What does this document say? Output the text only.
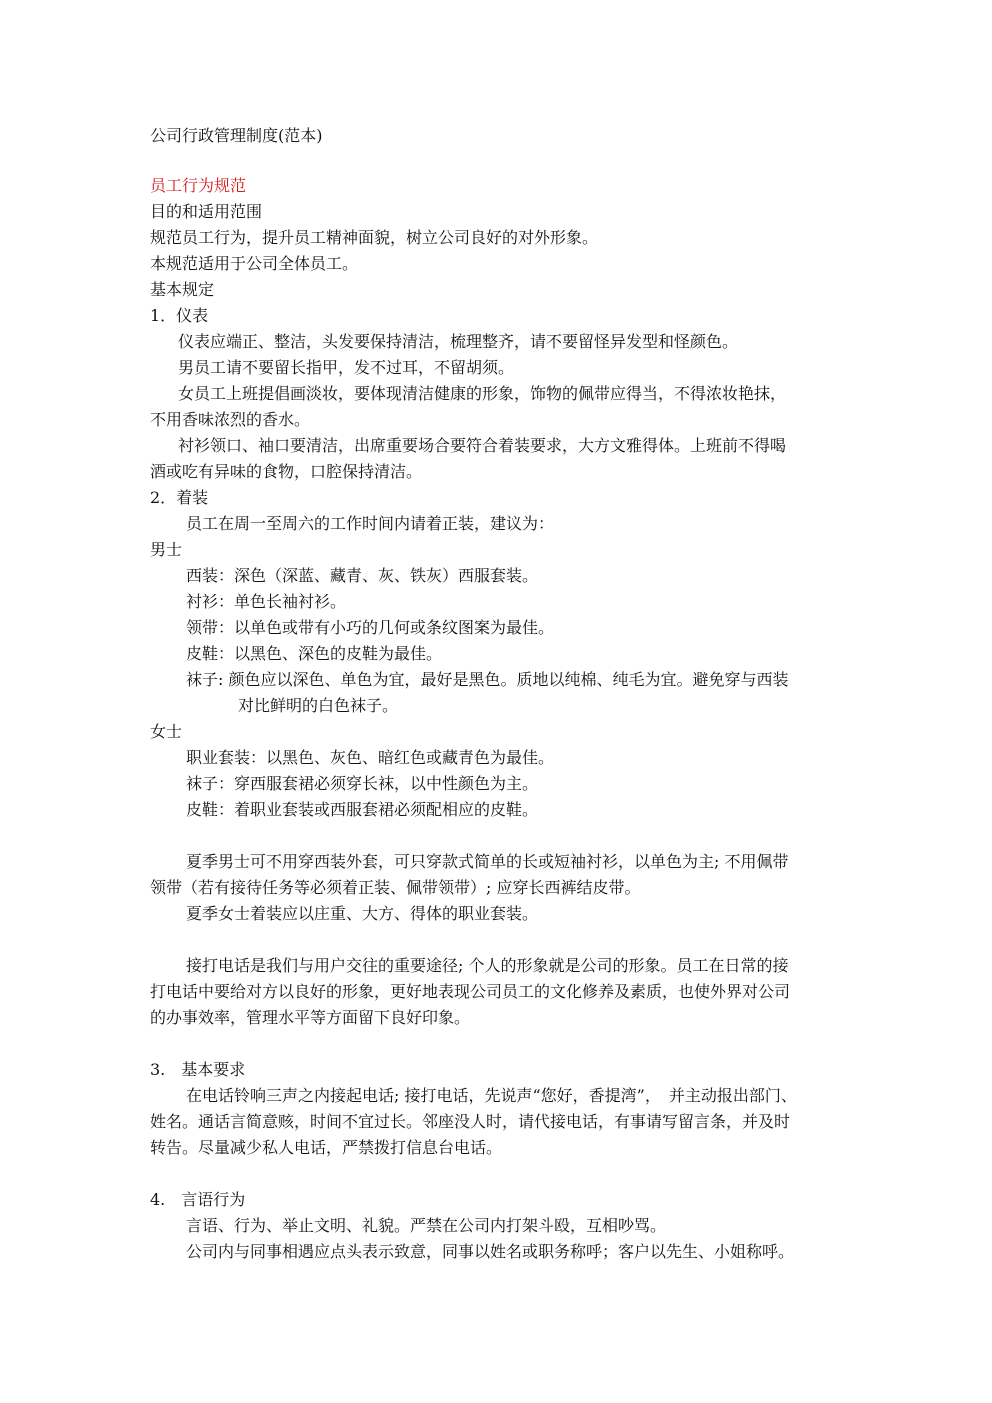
公司行政管理制度(范本)

员工行为规范

目的和适用范围

规范员工行为，提升员工精神面貌，树立公司良好的对外形象。

本规范适用于公司全体员工。

基本规定

1．仪表

仪表应端正、整洁，头发要保持清洁，梳理整齐，请不要留怪异发型和怪颜色。

男员工请不要留长指甲，发不过耳，不留胡须。

女员工上班提倡画淡妆，要体现清洁健康的形象，饰物的佩带应得当，不得浓妆艳抹，

不用香味浓烈的香水。

衬衫领口、袖口要清洁，出席重要场合要符合着装要求，大方文雅得体。上班前不得喝

酒或吃有异味的食物，口腔保持清洁。

2．着装

员工在周一至周六的工作时间内请着正装，建议为：

男士

西装：深色（深蓝、藏青、灰、铁灰）西服套装。

衬衫：单色长袖衬衫。

领带：以单色或带有小巧的几何或条纹图案为最佳。

皮鞋：以黑色、深色的皮鞋为最佳。

袜子: 颜色应以深色、单色为宜，最好是黑色。质地以纯棉、纯毛为宜。避免穿与西装

对比鲜明的白色袜子。

女士

职业套装：以黑色、灰色、暗红色或藏青色为最佳。

袜子：穿西服套裙必须穿长袜，以中性颜色为主。

皮鞋：着职业套装或西服套裙必须配相应的皮鞋。

夏季男士可不用穿西装外套，可只穿款式简单的长或短袖衬衫，以单色为主; 不用佩带

领带（若有接待任务等必须着正装、佩带领带）; 应穿长西裤结皮带。

夏季女士着装应以庄重、大方、得体的职业套装。

接打电话是我们与用户交往的重要途径; 个人的形象就是公司的形象。员工在日常的接

打电话中要给对方以良好的形象，更好地表现公司员工的文化修养及素质，也使外界对公司

的办事效率，管理水平等方面留下良好印象。

3.　基本要求

在电话铃响三声之内接起电话; 接打电话，先说声“您好，香提湾”，　并主动报出部门、

姓名。通话言简意赅，时间不宜过长。邻座没人时，请代接电话，有事请写留言条，并及时

转告。尽量减少私人电话，严禁拨打信息台电话。

4.　言语行为

言语、行为、举止文明、礼貌。严禁在公司内打架斗殴，互相吵骂。

公司内与同事相遇应点头表示致意，同事以姓名或职务称呼；客户以先生、小姐称呼。
